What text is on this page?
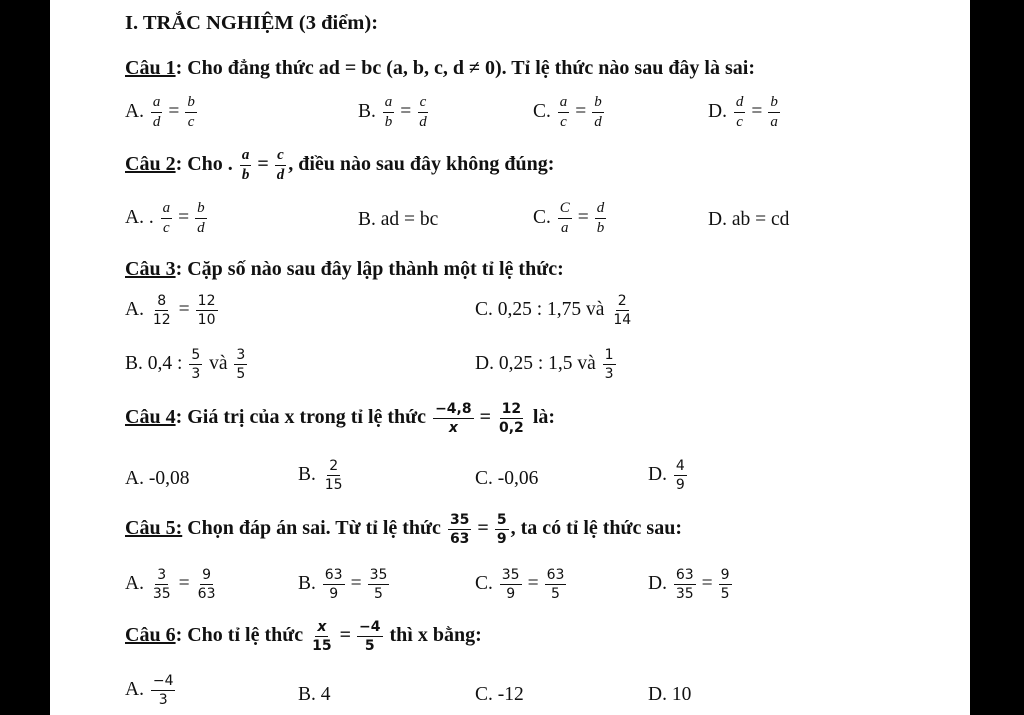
I. TRẮC NGHIỆM (3 điểm):
Câu 1: Cho đẳng thức ad = bc (a, b, c, d ≠ 0). Tỉ lệ thức nào sau đây là sai:
A. $\frac{a}{d} = \frac{b}{c}$	B. $\frac{a}{b} = \frac{c}{d}$	C. $\frac{a}{c} = \frac{b}{d}$	D. $\frac{d}{c} = \frac{b}{a}$
Câu 2: Cho . $\frac{a}{b} = \frac{c}{d}$ , điều nào sau đây không đúng:
A. . $\frac{a}{c} = \frac{b}{d}$	B. ad = bc	C. $\frac{C}{a} = \frac{d}{b}$	D. ab = cd
Câu 3: Cặp số nào sau đây lập thành một tỉ lệ thức:
A. $\frac{8}{12} = \frac{12}{10}$	C. 0,25 : 1,75 và $\frac{2}{14}$
B. 0,4 : $\frac{5}{3}$ và $\frac{3}{5}$	D. 0,25 : 1,5 và $\frac{1}{3}$
Câu 4: Giá trị của x trong tỉ lệ thức $\frac{-4,8}{x} = \frac{12}{0,2}$ là:
A. -0,08	B. $\frac{2}{15}$	C. -0,06	D. $\frac{4}{9}$
Câu 5: Chọn đáp án sai. Từ tỉ lệ thức $\frac{35}{63} = \frac{5}{9}$ , ta có tỉ lệ thức sau:
A. $\frac{3}{35} = \frac{9}{63}$	B. $\frac{63}{9} = \frac{35}{5}$	C. $\frac{35}{9} = \frac{63}{5}$	D. $\frac{63}{35} = \frac{9}{5}$
Câu 6: Cho tỉ lệ thức $\frac{x}{15} = \frac{-4}{5}$ thì x bằng:
A. $\frac{-4}{3}$	B. 4	C. -12	D. 10
